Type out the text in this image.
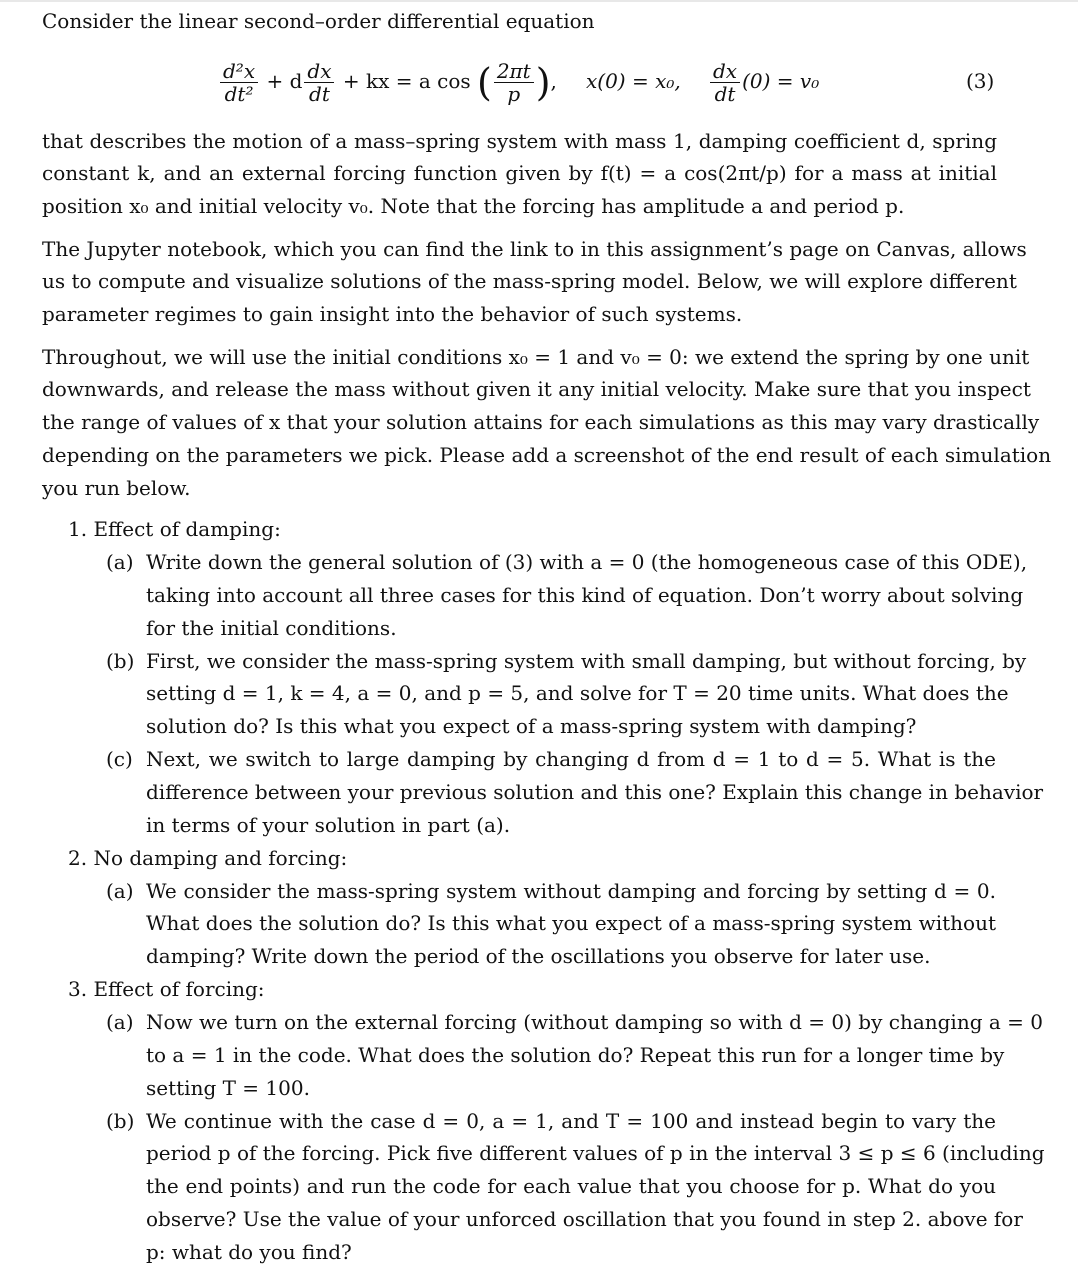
Consider the linear second–order differential equation
$\frac{\text{d²x}}{\text{dt²}} + d \frac{dx}{dt}$ + kx = a cos ( $\frac{2\pi t}{p}$ ), x(0) = x₀, $\frac{dx}{dt} (0) = v_0$	(3)
that describes the motion of a mass–spring system with mass 1, damping coefficient d, spring
constant k, and an external forcing function given by f(t) = a cos(2πt/p) for a mass at initial
position x₀ and initial velocity v₀. Note that the forcing has amplitude a and period p.
The Jupyter notebook, which you can find the link to in this assignment’s page on Canvas, allows
us to compute and visualize solutions of the mass-spring model. Below, we will explore different
parameter regimes to gain insight into the behavior of such systems.
Throughout, we will use the initial conditions x₀ = 1 and v₀ = 0: we extend the spring by one unit
downwards, and release the mass without given it any initial velocity. Make sure that you inspect
the range of values of x that your solution attains for each simulations as this may vary drastically
depending on the parameters we pick. Please add a screenshot of the end result of each simulation
you run below.
1. Effect of damping:
(a) Write down the general solution of (3) with a = 0 (the homogeneous case of this ODE),
taking into account all three cases for this kind of equation. Don’t worry about solving
for the initial conditions.
(b) First, we consider the mass-spring system with small damping, but without forcing, by
setting d = 1, k = 4, a = 0, and p = 5, and solve for T = 20 time units. What does the
solution do? Is this what you expect of a mass-spring system with damping?
(c) Next, we switch to large damping by changing d from d = 1 to d = 5. What is the
difference between your previous solution and this one? Explain this change in behavior
in terms of your solution in part (a).
2. No damping and forcing:
(a) We consider the mass-spring system without damping and forcing by setting d = 0.
What does the solution do? Is this what you expect of a mass-spring system without
damping? Write down the period of the oscillations you observe for later use.
3. Effect of forcing:
(a) Now we turn on the external forcing (without damping so with d = 0) by changing a = 0
to a = 1 in the code. What does the solution do? Repeat this run for a longer time by
setting T = 100.
(b) We continue with the case d = 0, a = 1, and T = 100 and instead begin to vary the
period p of the forcing. Pick five different values of p in the interval 3 ≤ p ≤ 6 (including
the end points) and run the code for each value that you choose for p. What do you
observe? Use the value of your unforced oscillation that you found in step 2. above for
p: what do you find?
